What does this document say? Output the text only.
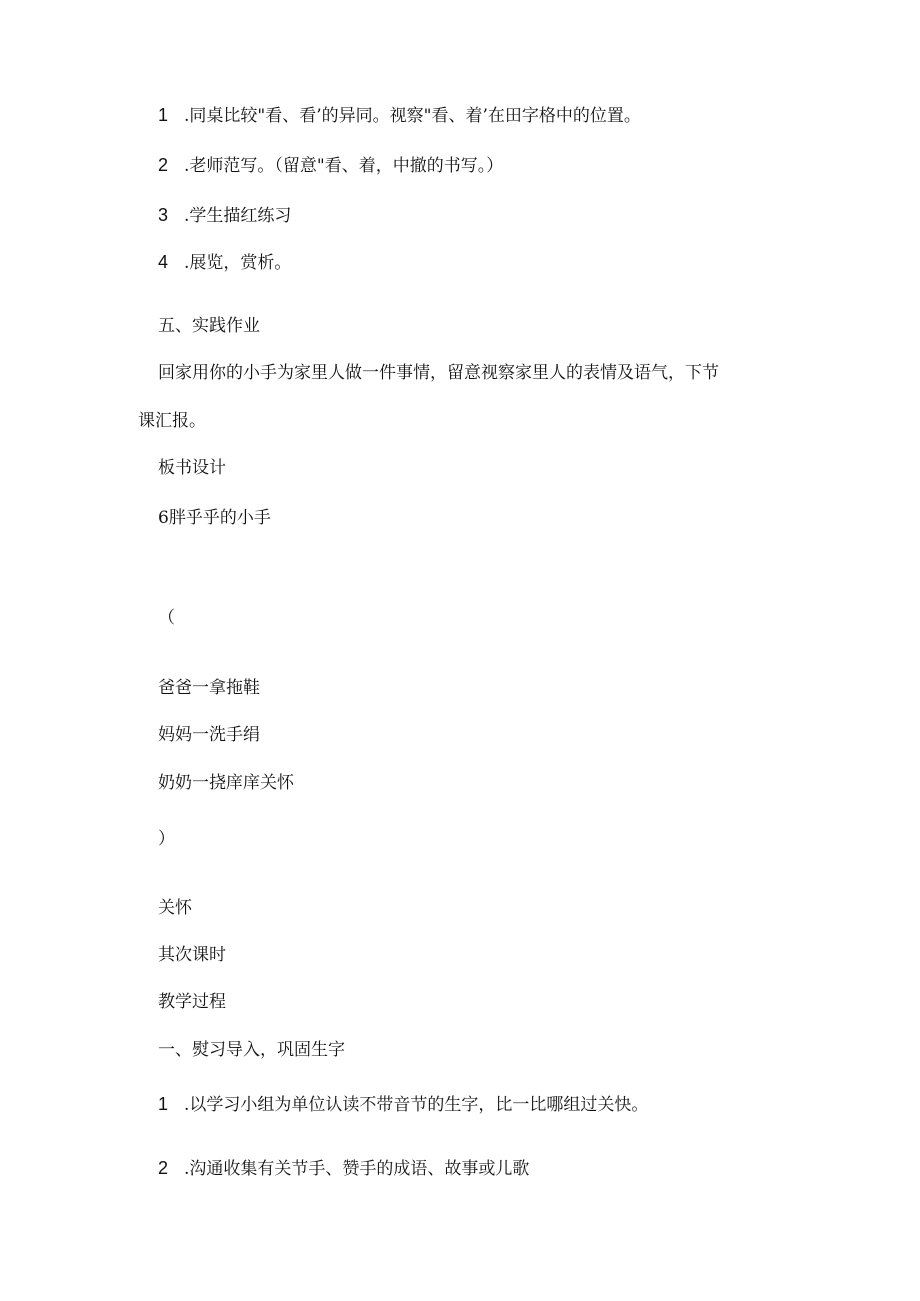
1 .同桌比较"看、看’的异同。视察"看、着’在田字格中的位置。
2 .老师范写。（留意"看、着，中撤的书写。）
3 .学生描红练习
4 .展览，赏析。
五、实践作业
回家用你的小手为家里人做一件事情，留意视察家里人的表情及语气，下节
课汇报。
板书设计
6胖乎乎的小手
（
爸爸一拿拖鞋
妈妈一洗手绢
奶奶一挠庠庠关怀
）
关怀
其次课时
教学过程
一、熨习导入，巩固生字
1 .以学习小组为单位认读不带音节的生字，比一比哪组过关快。
2 .沟通收集有关节手、赞手的成语、故事或儿歌
